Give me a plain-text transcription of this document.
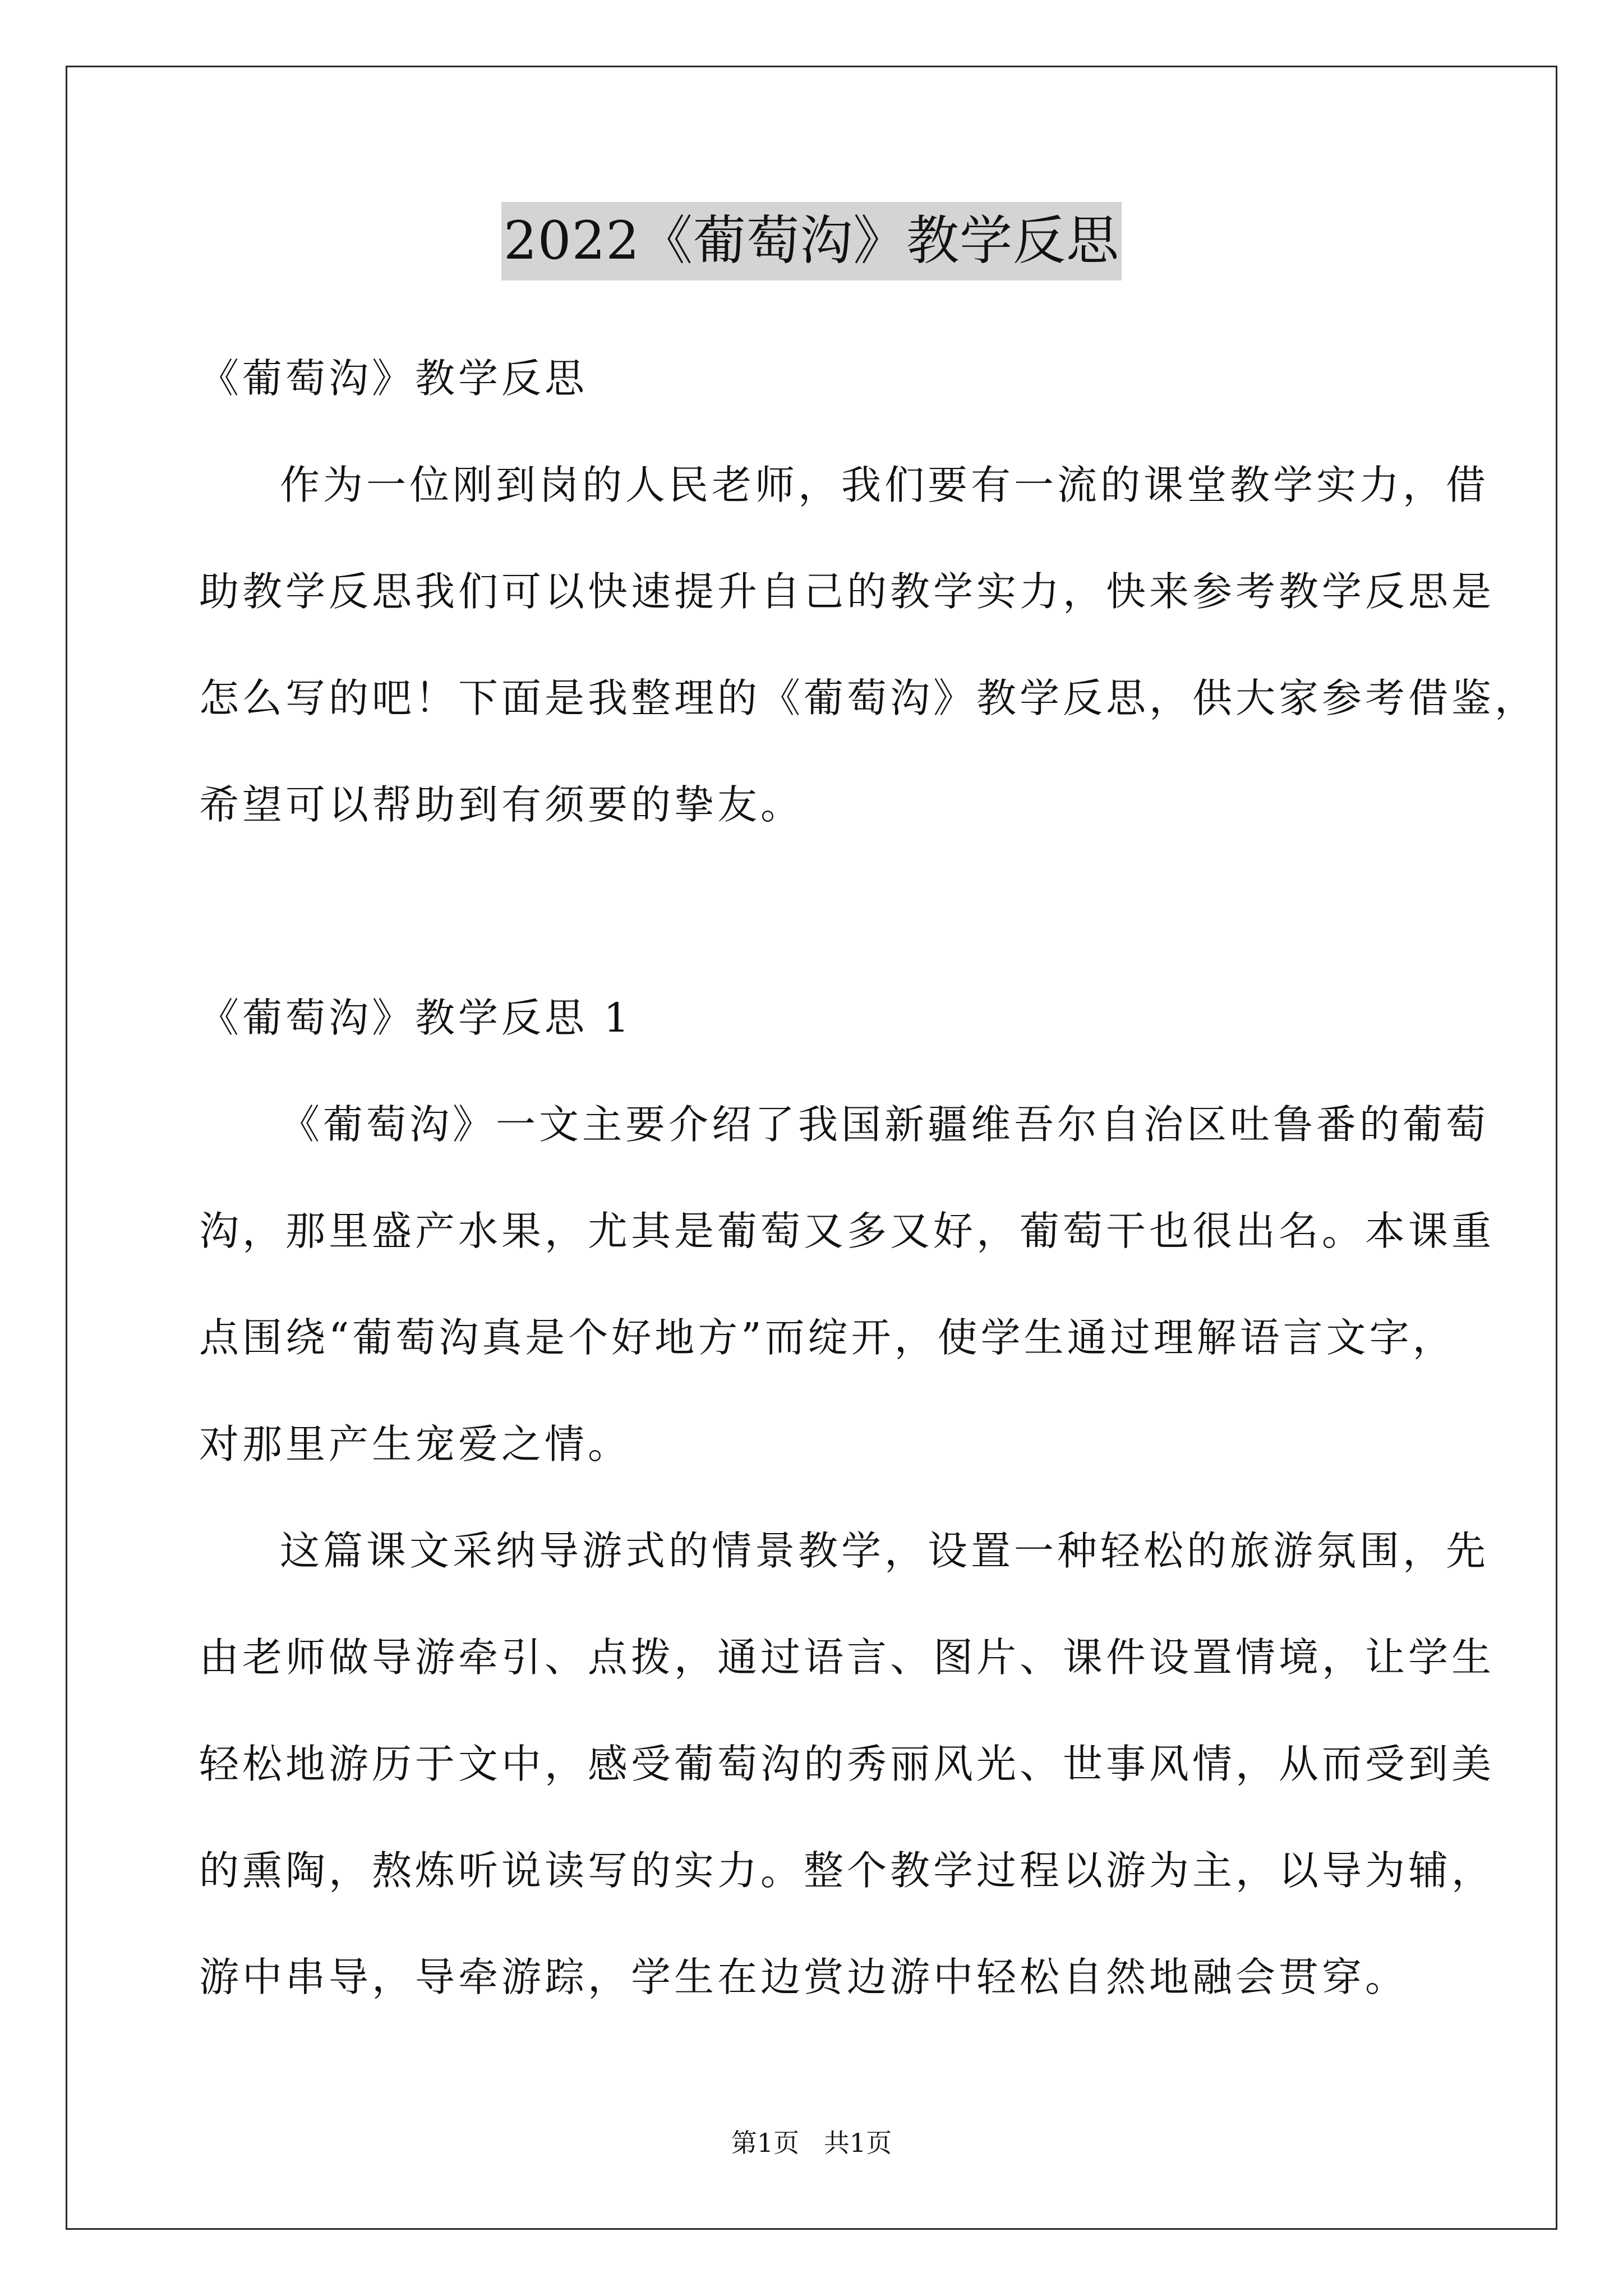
2022《葡萄沟》教学反思
《葡萄沟》教学反思
作为一位刚到岗的人民老师，我们要有一流的课堂教学实力，借
助教学反思我们可以快速提升自己的教学实力，快来参考教学反思是
怎么写的吧！下面是我整理的《葡萄沟》教学反思，供大家参考借鉴，
希望可以帮助到有须要的挚友。
《葡萄沟》教学反思 1
《葡萄沟》一文主要介绍了我国新疆维吾尔自治区吐鲁番的葡萄
沟，那里盛产水果，尤其是葡萄又多又好，葡萄干也很出名。本课重
点围绕“葡萄沟真是个好地方”而绽开，使学生通过理解语言文字，
对那里产生宠爱之情。
这篇课文采纳导游式的情景教学，设置一种轻松的旅游氛围，先
由老师做导游牵引、点拨，通过语言、图片、课件设置情境，让学生
轻松地游历于文中，感受葡萄沟的秀丽风光、世事风情，从而受到美
的熏陶，熬炼听说读写的实力。整个教学过程以游为主，以导为辅，
游中串导，导牵游踪，学生在边赏边游中轻松自然地融会贯穿。
第1页   共1页
